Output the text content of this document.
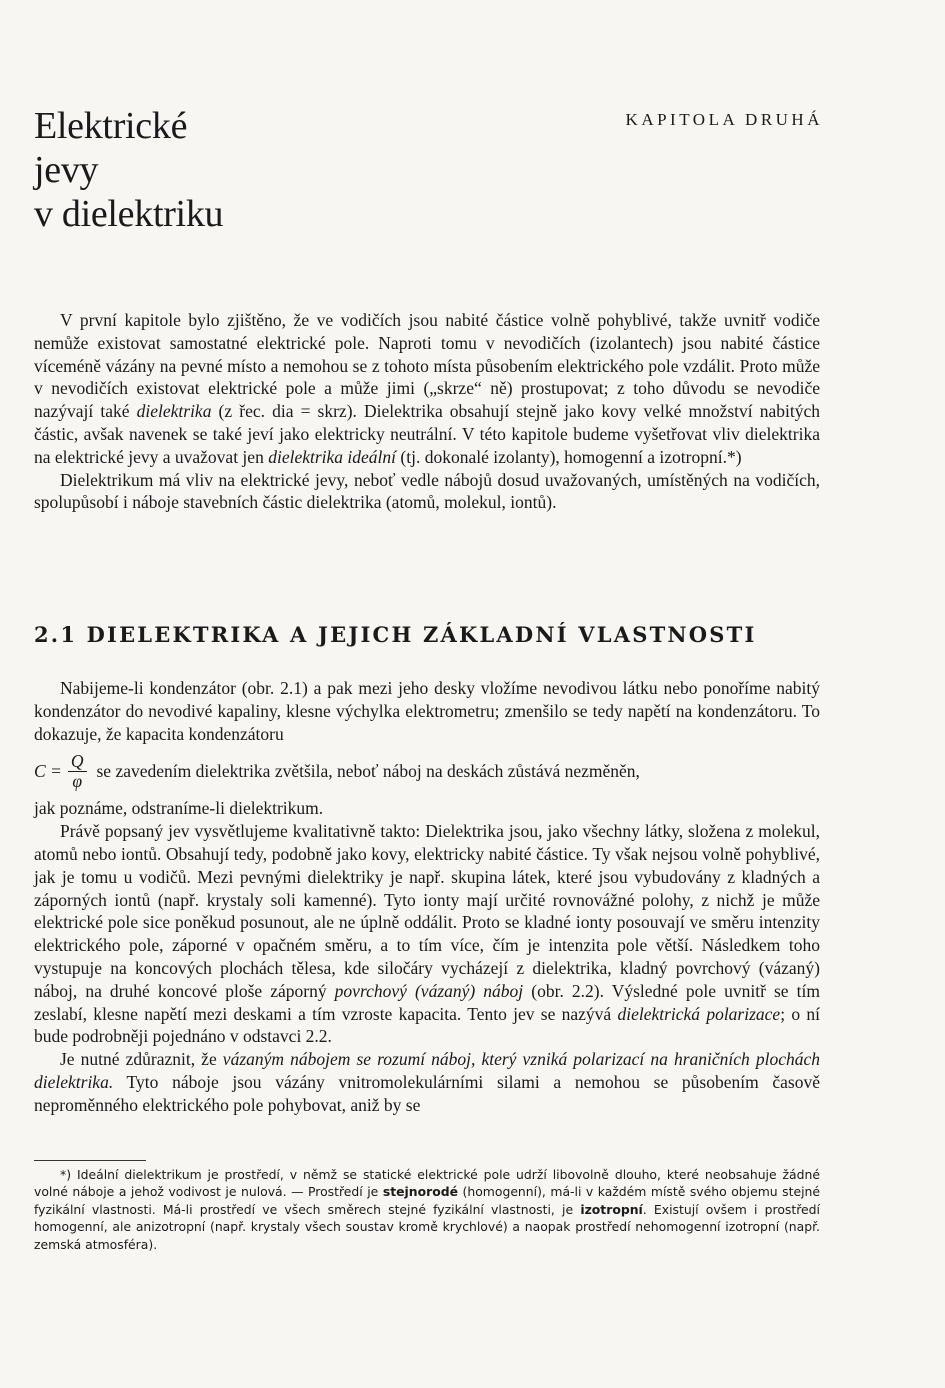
Elektrické
jevy
v dielektriku
KAPITOLA DRUHÁ

V první kapitole bylo zjištěno, že ve vodičích jsou nabité částice volně pohyblivé, takže uvnitř vodiče nemůže existovat samostatné elektrické pole. Naproti tomu v nevodičích (izolantech) jsou nabité částice víceméně vázány na pevné místo a nemohou se z tohoto místa působením elektrického pole vzdálit. Proto může v nevodičích existovat elektrické pole a může jimi („skrze“ ně) prostupovat; z toho důvodu se nevodiče nazývají také dielektrika (z řec. dia = skrz). Dielektrika obsahují stejně jako kovy velké množství nabitých částic, avšak navenek se také jeví jako elektricky neutrální. V této kapitole budeme vyšetřovat vliv dielektrika na elektrické jevy a uvažovat jen dielektrika ideální (tj. dokonalé izolanty), homogenní a izotropní.*)

Dielektrikum má vliv na elektrické jevy, neboť vedle nábojů dosud uvažovaných, umístěných na vodičích, spolupůsobí i náboje stavebních částic dielektrika (atomů, molekul, iontů).

2.1 DIELEKTRIKA A JEJICH ZÁKLADNÍ VLASTNOSTI

Nabijeme-li kondenzátor (obr. 2.1) a pak mezi jeho desky vložíme nevodivou látku nebo ponoříme nabitý kondenzátor do nevodivé kapaliny, klesne výchylka elektrometru; zmenšilo se tedy napětí na kondenzátoru. To dokazuje, že kapacita kondenzátoru

$C = \frac{Q}{\varphi}$ se zavedením dielektrika zvětšila, neboť náboj na deskách zůstává nezměněn,

jak poznáme, odstraníme-li dielektrikum.

Právě popsaný jev vysvětlujeme kvalitativně takto: Dielektrika jsou, jako všechny látky, složena z molekul, atomů nebo iontů. Obsahují tedy, podobně jako kovy, elektricky nabité částice. Ty však nejsou volně pohyblivé, jak je tomu u vodičů. Mezi pevnými dielektriky je např. skupina látek, které jsou vybudovány z kladných a záporných iontů (např. krystaly soli kamenné). Tyto ionty mají určité rovnovážné polohy, z nichž je může elektrické pole sice poněkud posunout, ale ne úplně oddálit. Proto se kladné ionty posouvají ve směru intenzity elektrického pole, záporné v opačném směru, a to tím více, čím je intenzita pole větší. Následkem toho vystupuje na koncových plochách tělesa, kde siločáry vycházejí z dielektrika, kladný povrchový (vázaný) náboj, na druhé koncové ploše záporný povrchový (vázaný) náboj (obr. 2.2). Výsledné pole uvnitř se tím zeslabí, klesne napětí mezi deskami a tím vzroste kapacita. Tento jev se nazývá dielektrická polarizace; o ní bude podrobněji pojednáno v odstavci 2.2.

Je nutné zdůraznit, že vázaným nábojem se rozumí náboj, který vzniká polarizací na hraničních plochách dielektrika. Tyto náboje jsou vázány vnitromolekulárními silami a nemohou se působením časově neproměnného elektrického pole pohybovat, aniž by se

*) Ideální dielektrikum je prostředí, v němž se statické elektrické pole udrží libovolně dlouho, které neobsahuje žádné volné náboje a jehož vodivost je nulová. — Prostředí je stejnorodé (homogenní), má-li v každém místě svého objemu stejné fyzikální vlastnosti. Má-li prostředí ve všech směrech stejné fyzikální vlastnosti, je izotropní. Existují ovšem i prostředí homogenní, ale anizotropní (např. krystaly všech soustav kromě krychlové) a naopak prostředí nehomogenní izotropní (např. zemská atmosféra).
